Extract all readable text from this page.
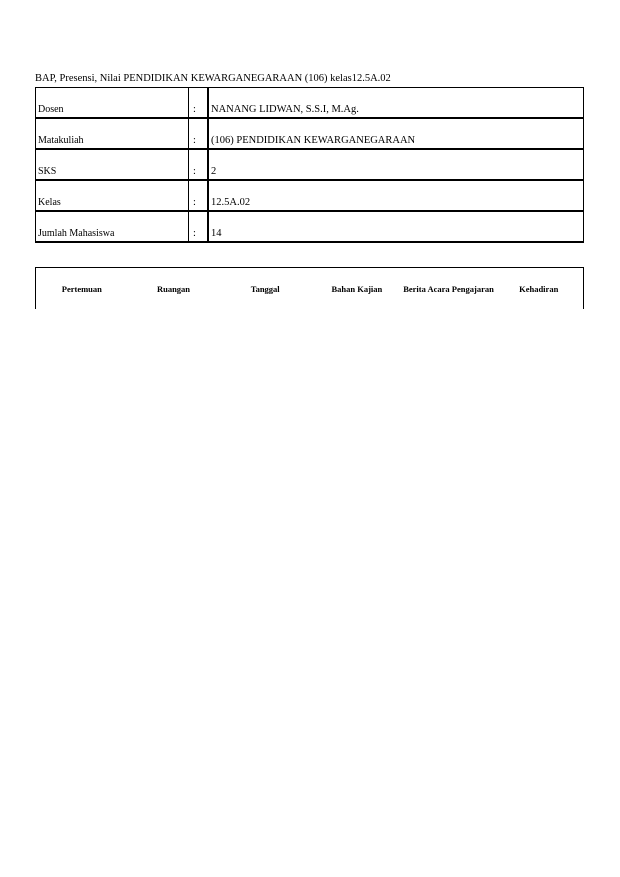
BAP, Presensi, Nilai PENDIDIKAN KEWARGANEGARAAN (106) kelas12.5A.02
Dosen	:	NANANG LIDWAN, S.S.I, M.Ag.
Matakuliah	:	(106) PENDIDIKAN KEWARGANEGARAAN
SKS	:	2
Kelas	:	12.5A.02
Jumlah Mahasiswa	:	14
Pertemuan	Ruangan	Tanggal	Bahan Kajian	Berita Acara Pengajaran	Kehadiran
